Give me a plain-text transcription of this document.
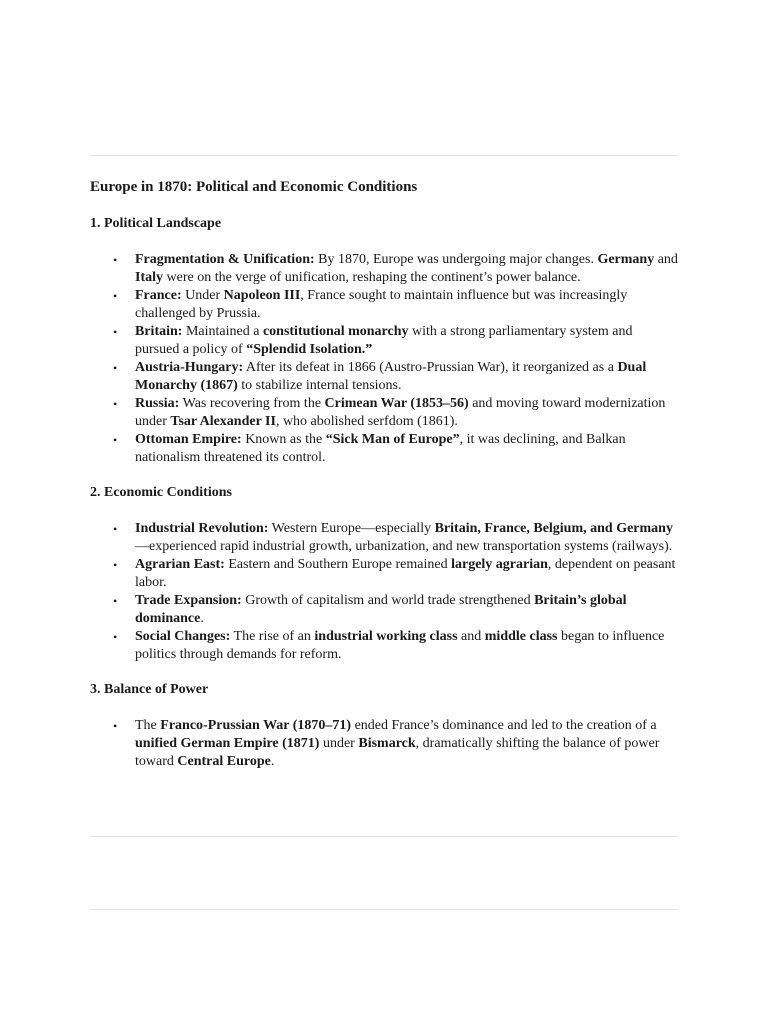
Europe in 1870: Political and Economic Conditions
1. Political Landscape
• Fragmentation & Unification: By 1870, Europe was undergoing major changes. Germany and Italy were on the verge of unification, reshaping the continent’s power balance.
• France: Under Napoleon III, France sought to maintain influence but was increasingly challenged by Prussia.
• Britain: Maintained a constitutional monarchy with a strong parliamentary system and pursued a policy of “Splendid Isolation.”
• Austria-Hungary: After its defeat in 1866 (Austro-Prussian War), it reorganized as a Dual Monarchy (1867) to stabilize internal tensions.
• Russia: Was recovering from the Crimean War (1853–56) and moving toward modernization under Tsar Alexander II, who abolished serfdom (1861).
• Ottoman Empire: Known as the “Sick Man of Europe”, it was declining, and Balkan nationalism threatened its control.
2. Economic Conditions
• Industrial Revolution: Western Europe—especially Britain, France, Belgium, and Germany—experienced rapid industrial growth, urbanization, and new transportation systems (railways).
• Agrarian East: Eastern and Southern Europe remained largely agrarian, dependent on peasant labor.
• Trade Expansion: Growth of capitalism and world trade strengthened Britain’s global dominance.
• Social Changes: The rise of an industrial working class and middle class began to influence politics through demands for reform.
3. Balance of Power
• The Franco-Prussian War (1870–71) ended France’s dominance and led to the creation of a unified German Empire (1871) under Bismarck, dramatically shifting the balance of power toward Central Europe.
